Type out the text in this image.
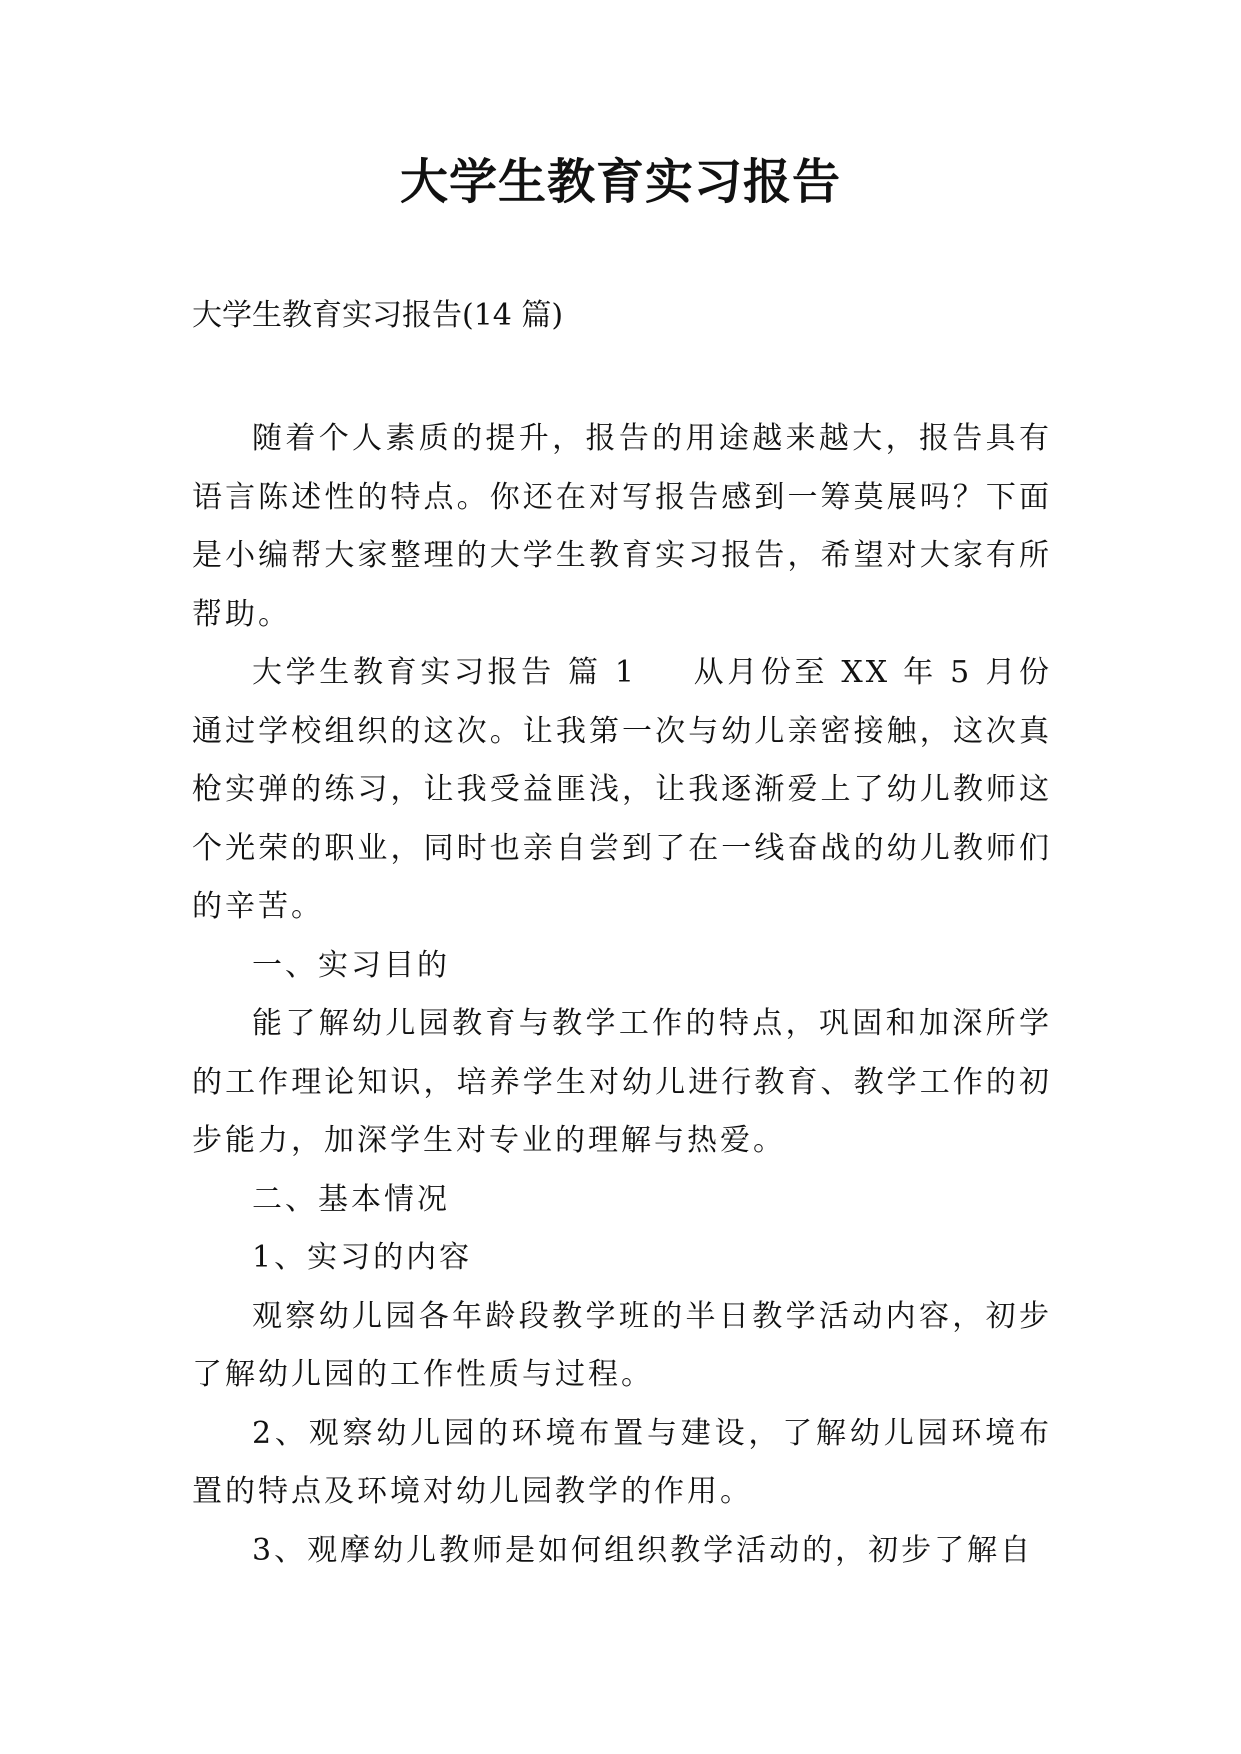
大学生教育实习报告
大学生教育实习报告(14 篇)

随着个人素质的提升，报告的用途越来越大，报告具有语言陈述性的特点。你还在对写报告感到一筹莫展吗？下面是小编帮大家整理的大学生教育实习报告，希望对大家有所帮助。

大学生教育实习报告 篇 1 从月份至 XX 年 5 月份通过学校组织的这次。让我第一次与幼儿亲密接触，这次真枪实弹的练习，让我受益匪浅，让我逐渐爱上了幼儿教师这个光荣的职业，同时也亲自尝到了在一线奋战的幼儿教师们的辛苦。

一、实习目的

能了解幼儿园教育与教学工作的特点，巩固和加深所学的工作理论知识，培养学生对幼儿进行教育、教学工作的初步能力，加深学生对专业的理解与热爱。

二、基本情况

1、实习的内容

观察幼儿园各年龄段教学班的半日教学活动内容，初步了解幼儿园的工作性质与过程。

2、观察幼儿园的环境布置与建设，了解幼儿园环境布置的特点及环境对幼儿园教学的作用。

3、观摩幼儿教师是如何组织教学活动的，初步了解自
